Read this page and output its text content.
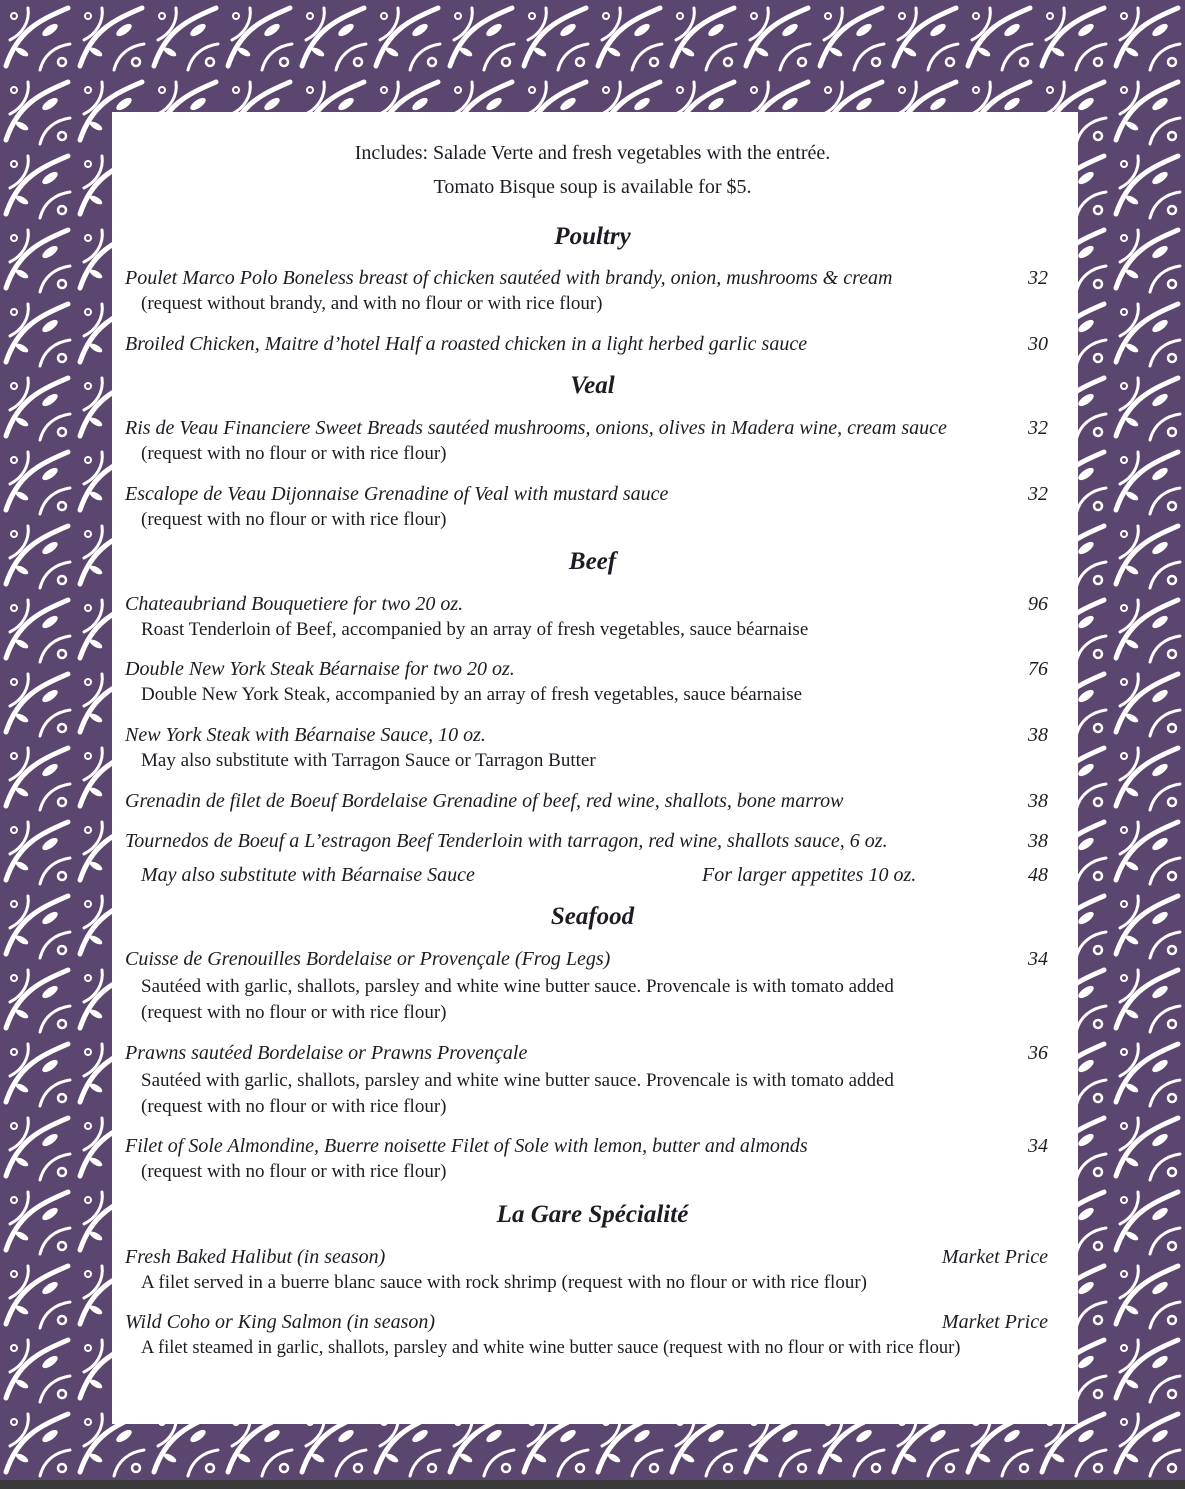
Includes: Salade Verte and fresh vegetables with the entrée.
Tomato Bisque soup is available for $5.
Poultry
Poulet Marco Polo Boneless breast of chicken sautéed with brandy, onion, mushrooms & cream	32
(request without brandy, and with no flour or with rice flour)
Broiled Chicken, Maitre d’hotel Half a roasted chicken in a light herbed garlic sauce	30
Veal
Ris de Veau Financiere Sweet Breads sautéed mushrooms, onions, olives in Madera wine, cream sauce	32
(request with no flour or with rice flour)
Escalope de Veau Dijonnaise Grenadine of Veal with mustard sauce	32
(request with no flour or with rice flour)
Beef
Chateaubriand Bouquetiere for two 20 oz.	96
Roast Tenderloin of Beef, accompanied by an array of fresh vegetables, sauce béarnaise
Double New York Steak Béarnaise for two 20 oz.	76
Double New York Steak, accompanied by an array of fresh vegetables, sauce béarnaise
New York Steak with Béarnaise Sauce, 10 oz.	38
May also substitute with Tarragon Sauce or Tarragon Butter
Grenadin de filet de Boeuf Bordelaise Grenadine of beef, red wine, shallots, bone marrow	38
Tournedos de Boeuf a L’estragon Beef Tenderloin with tarragon, red wine, shallots sauce, 6 oz.	38
May also substitute with Béarnaise Sauce	For larger appetites 10 oz.	48
Seafood
Cuisse de Grenouilles Bordelaise or Provençale (Frog Legs)	34
Sautéed with garlic, shallots, parsley and white wine butter sauce. Provencale is with tomato added
(request with no flour or with rice flour)
Prawns sautéed Bordelaise or Prawns Provençale	36
Sautéed with garlic, shallots, parsley and white wine butter sauce. Provencale is with tomato added
(request with no flour or with rice flour)
Filet of Sole Almondine, Buerre noisette Filet of Sole with lemon, butter and almonds	34
(request with no flour or with rice flour)
La Gare Spécialité
Fresh Baked Halibut (in season)	Market Price
A filet served in a buerre blanc sauce with rock shrimp (request with no flour or with rice flour)
Wild Coho or King Salmon (in season)	Market Price
A filet steamed in garlic, shallots, parsley and white wine butter sauce (request with no flour or with rice flour)
